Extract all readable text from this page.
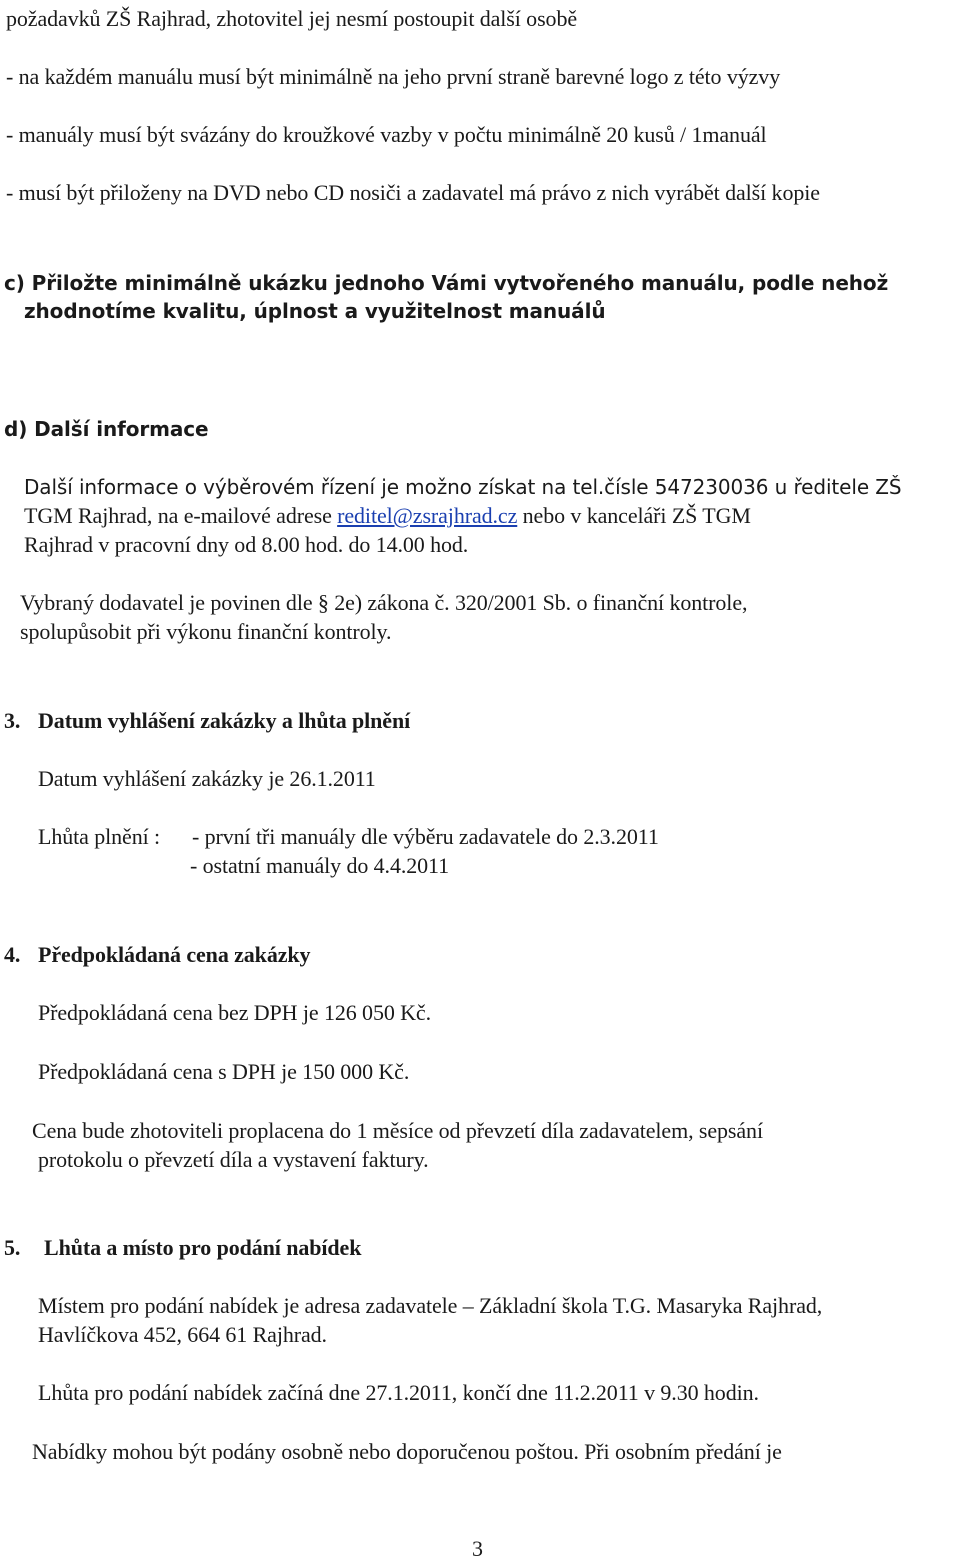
požadavků ZŠ Rajhrad, zhotovitel jej nesmí postoupit další osobě
- na každém manuálu musí být minimálně na jeho první straně barevné logo z této výzvy
- manuály musí být svázány do kroužkové vazby v počtu minimálně 20 kusů / 1manuál
- musí být přiloženy na DVD nebo CD nosiči a zadavatel má právo z nich vyrábět další kopie
c) Přiložte minimálně ukázku jednoho Vámi vytvořeného manuálu, podle nehož
zhodnotíme kvalitu, úplnost a využitelnost manuálů
d) Další informace
Další informace o výběrovém řízení je možno získat na tel.čísle 547230036 u ředitele ZŠ
TGM Rajhrad, na e-mailové adrese reditel@zsrajhrad.cz nebo v kanceláři ZŠ TGM
Rajhrad v pracovní dny od 8.00 hod. do 14.00 hod.
Vybraný dodavatel je povinen dle § 2e) zákona č. 320/2001 Sb. o finanční kontrole,
spolupůsobit při výkonu finanční kontroly.
3. Datum vyhlášení zakázky a lhůta plnění
Datum vyhlášení zakázky je 26.1.2011
Lhůta plnění : - první tři manuály dle výběru zadavatele do 2.3.2011
- ostatní manuály do 4.4.2011
4. Předpokládaná cena zakázky
Předpokládaná cena bez DPH je 126 050 Kč.
Předpokládaná cena s DPH je 150 000 Kč.
Cena bude zhotoviteli proplacena do 1 měsíce od převzetí díla zadavatelem, sepsání
protokolu o převzetí díla a vystavení faktury.
5. Lhůta a místo pro podání nabídek
Místem pro podání nabídek je adresa zadavatele – Základní škola T.G. Masaryka Rajhrad,
Havlíčkova 452, 664 61 Rajhrad.
Lhůta pro podání nabídek začíná dne 27.1.2011, končí dne 11.2.2011 v 9.30 hodin.
Nabídky mohou být podány osobně nebo doporučenou poštou. Při osobním předání je
3
